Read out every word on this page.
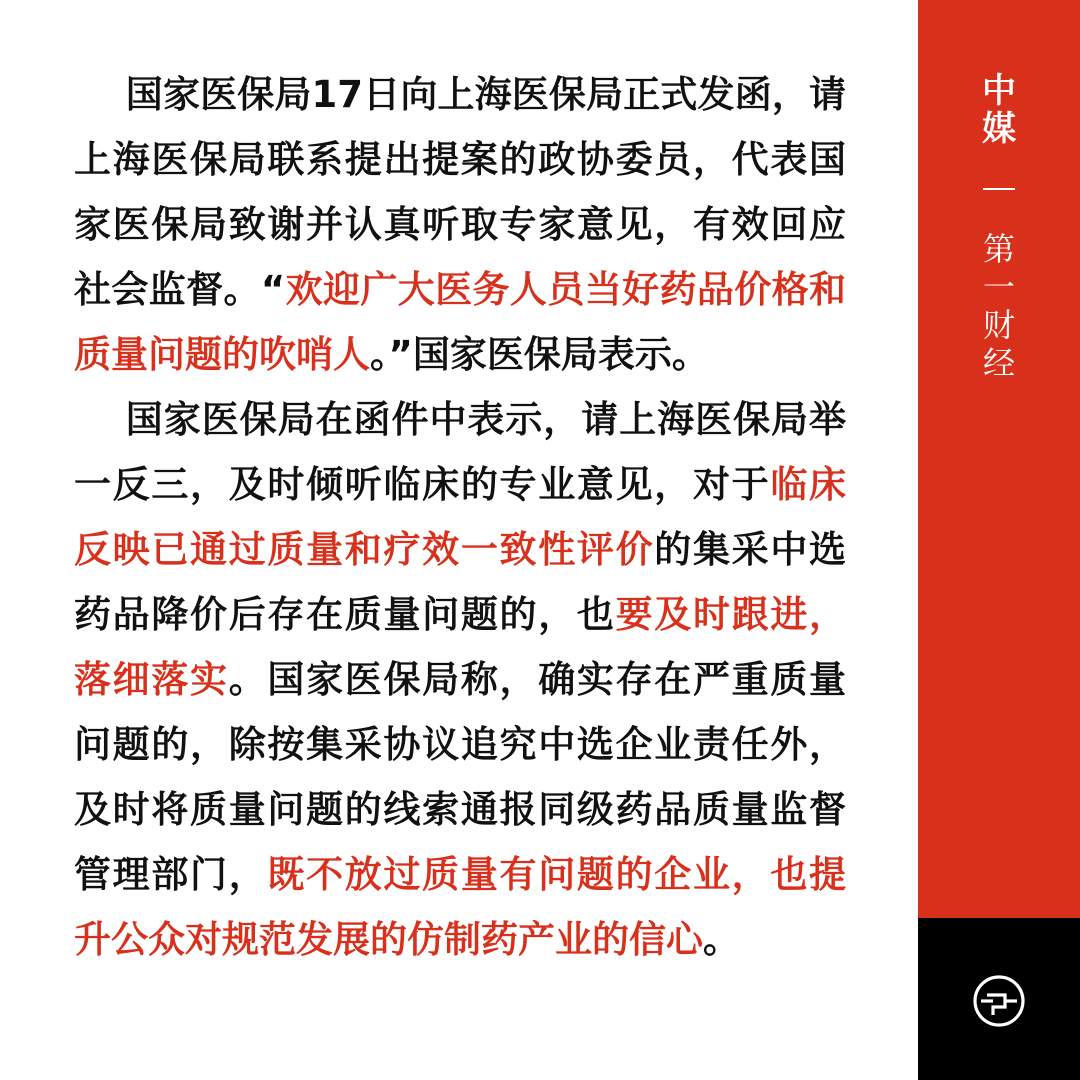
国家医保局17日向上海医保局正式发函，请上海医保局联系提出提案的政协委员，代表国家医保局致谢并认真听取专家意见，有效回应社会监督。“欢迎广大医务人员当好药品价格和质量问题的吹哨人。”国家医保局表示。

国家医保局在函件中表示，请上海医保局举一反三，及时倾听临床的专业意见，对于临床反映已通过质量和疗效一致性评价的集采中选药品降价后存在质量问题的，也要及时跟进，落细落实。国家医保局称，确实存在严重质量问题的，除按集采协议追究中选企业责任外，及时将质量问题的线索通报同级药品质量监督管理部门，既不放过质量有问题的企业，也提升公众对规范发展的仿制药产业的信心。

中
媒
第
一
财
经
